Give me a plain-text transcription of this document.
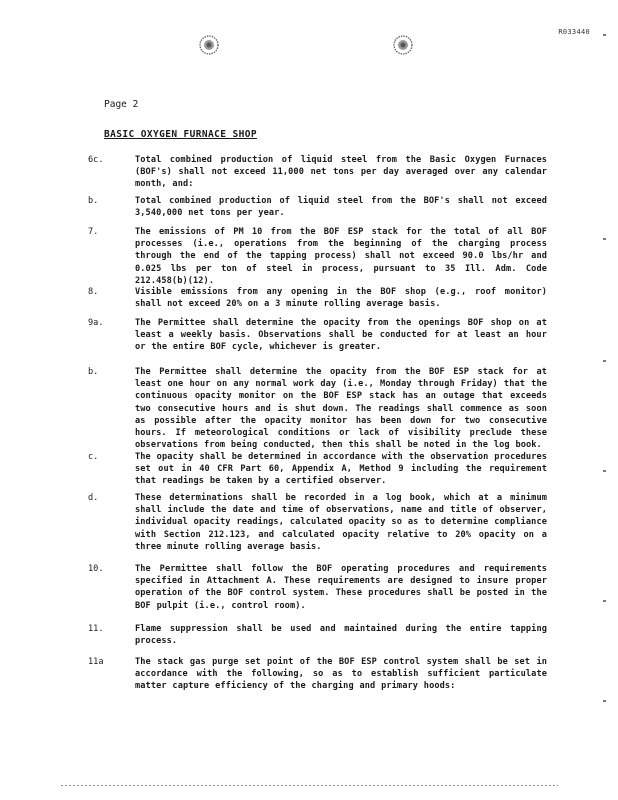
R033440
Page 2
BASIC OXYGEN FURNACE SHOP
6c.	Total combined production of liquid steel from the Basic Oxygen Furnaces (BOF's) shall not exceed 11,000 net tons per day averaged over any calendar month, and:
b.	Total combined production of liquid steel from the BOF's shall not exceed 3,540,000 net tons per year.
7.	The emissions of PM 10 from the BOF ESP stack for the total of all BOF processes (i.e., operations from the beginning of the charging process through the end of the tapping process) shall not exceed 90.0 lbs/hr and 0.025 lbs per ton of steel in process, pursuant to 35 Ill. Adm. Code 212.458(b)(12).
8.	Visible emissions from any opening in the BOF shop (e.g., roof monitor) shall not exceed 20% on a 3 minute rolling average basis.
9a.	The Permittee shall determine the opacity from the openings BOF shop on at least a weekly basis. Observations shall be conducted for at least an hour or the entire BOF cycle, whichever is greater.
b.	The Permittee shall determine the opacity from the BOF ESP stack for at least one hour on any normal work day (i.e., Monday through Friday) that the continuous opacity monitor on the BOF ESP stack has an outage that exceeds two consecutive hours and is shut down. The readings shall commence as soon as possible after the opacity monitor has been down for two consecutive hours. If meteorological conditions or lack of visibility preclude these observations from being conducted, then this shall be noted in the log book.
c.	The opacity shall be determined in accordance with the observation procedures set out in 40 CFR Part 60, Appendix A, Method 9 including the requirement that readings be taken by a certified observer.
d.	These determinations shall be recorded in a log book, which at a minimum shall include the date and time of observations, name and title of observer, individual opacity readings, calculated opacity so as to determine compliance with Section 212.123, and calculated opacity relative to 20% opacity on a three minute rolling average basis.
10.	The Permittee shall follow the BOF operating procedures and requirements specified in Attachment A. These requirements are designed to insure proper operation of the BOF control system. These procedures shall be posted in the BOF pulpit (i.e., control room).
11.	Flame suppression shall be used and maintained during the entire tapping process.
11a	The stack gas purge set point of the BOF ESP control system shall be set in accordance with the following, so as to establish sufficient particulate matter capture efficiency of the charging and primary hoods:
